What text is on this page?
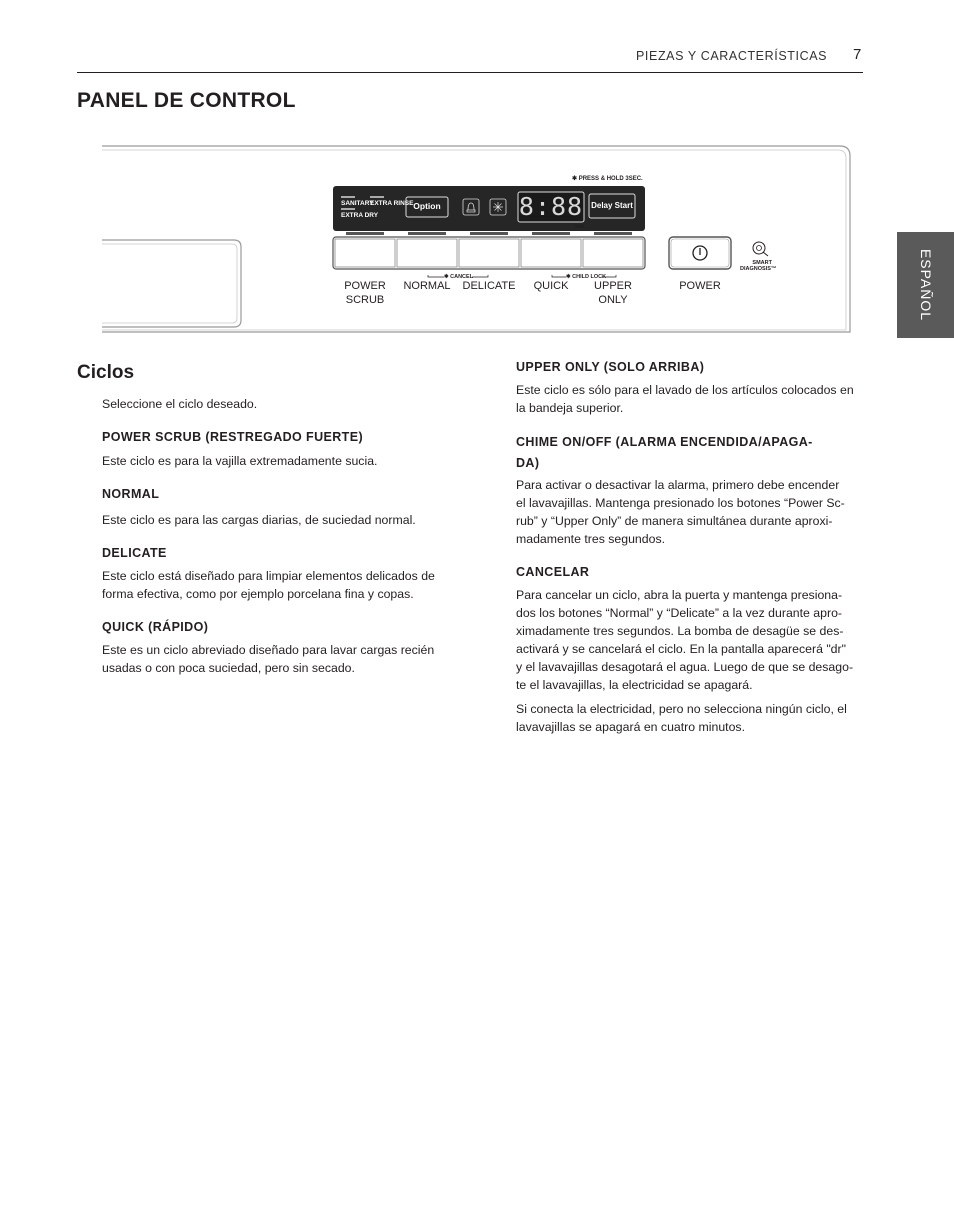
PIEZAS Y CARACTERÍSTICAS 7
PANEL DE CONTROL
ESPAÑOL
✱ PRESS & HOLD 3SEC.
SANITARY
EXTRA RINSE
EXTRA DRY
Option	8:88
MIN.
Delay Start
✱ CANCEL	✱ CHILD LOCK
SMART
DIAGNOSIS™
POWER
SCRUB
NORMAL	DELICATE	QUICK	UPPER
ONLY
POWER
Ciclos
Seleccione el ciclo deseado.
POWER SCRUB (RESTREGADO FUERTE)
Este ciclo es para la vajilla extremadamente sucia.
NORMAL
Este ciclo es para las cargas diarias, de suciedad normal.
DELICATE
Este ciclo está diseñado para limpiar elementos delicados de
forma efectiva, como por ejemplo porcelana fina y copas.
QUICK (RÁPIDO)
Este es un ciclo abreviado diseñado para lavar cargas recién
usadas o con poca suciedad, pero sin secado.
UPPER ONLY (SOLO ARRIBA)
Este ciclo es sólo para el lavado de los artículos colocados en
la bandeja superior.
CHIME ON/OFF (ALARMA ENCENDIDA/APAGA-
DA)
Para activar o desactivar la alarma, primero debe encender
el lavavajillas. Mantenga presionado los botones “Power Sc-
rub” y “Upper Only” de manera simultánea durante aproxi-
madamente tres segundos.
CANCELAR
Para cancelar un ciclo, abra la puerta y mantenga presiona-
dos los botones “Normal” y “Delicate” a la vez durante apro-
ximadamente tres segundos. La bomba de desagüe se des-
activará y se cancelará el ciclo. En la pantalla aparecerá "dr"
y el lavavajillas desagotará el agua. Luego de que se desago-
te el lavavajillas, la electricidad se apagará.
Si conecta la electricidad, pero no selecciona ningún ciclo, el
lavavajillas se apagará en cuatro minutos.
